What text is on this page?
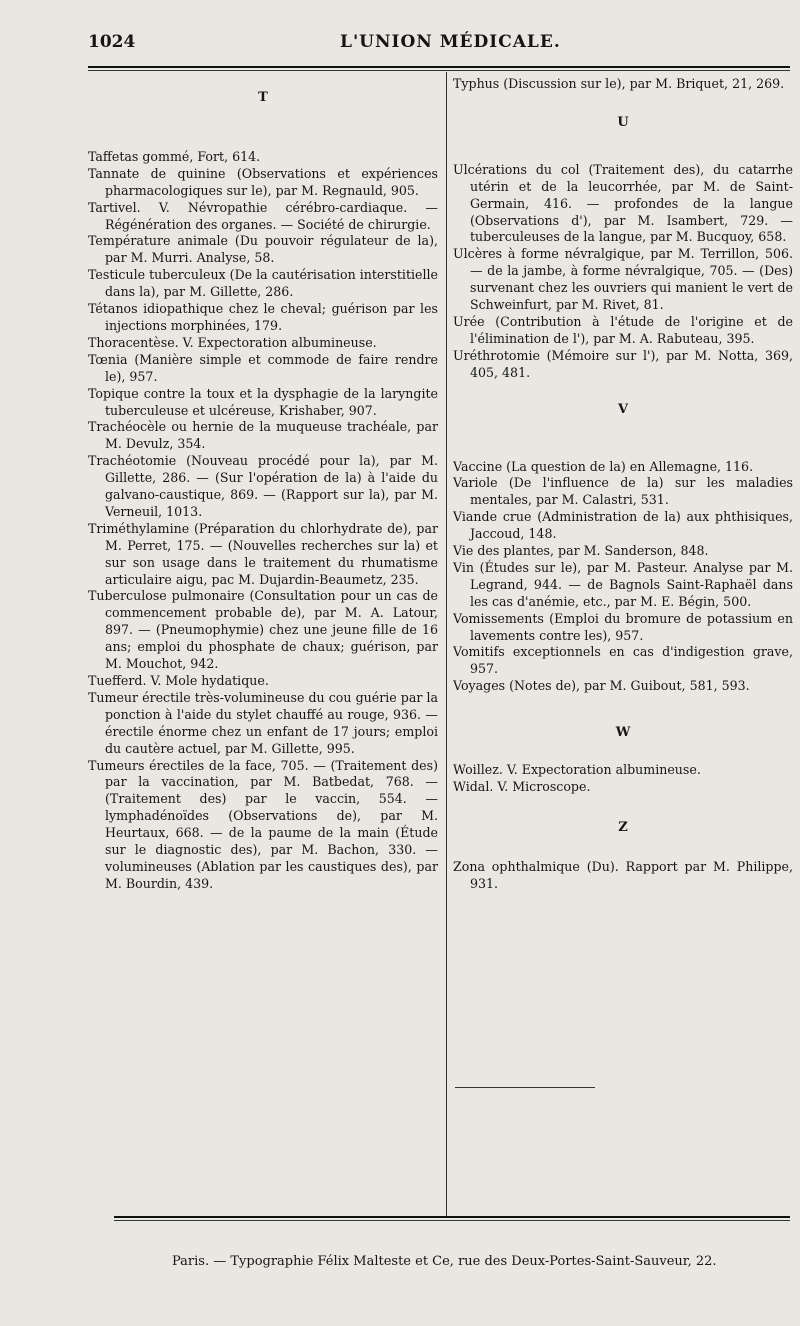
1024	L'UNION MÉDICALE.
T

Taffetas gommé, Fort, 614.

Tannate de quinine (Observations et expériences pharmacologiques sur le), par M. Regnauld, 905.

Tartivel. V. Névropathie cérébro-cardiaque. — Régénération des organes. — Société de chirurgie.

Température animale (Du pouvoir régulateur de la), par M. Murri. Analyse, 58.

Testicule tuberculeux (De la cautérisation interstitielle dans la), par M. Gillette, 286.

Tétanos idiopathique chez le cheval; guérison par les injections morphinées, 179.

Thoracentèse. V. Expectoration albumineuse.

Tœnia (Manière simple et commode de faire rendre le), 957.

Topique contre la toux et la dysphagie de la laryngite tuberculeuse et ulcéreuse, Krishaber, 907.

Trachéocèle ou hernie de la muqueuse trachéale, par M. Devulz, 354.

Trachéotomie (Nouveau procédé pour la), par M. Gillette, 286. — (Sur l'opération de la) à l'aide du galvano-caustique, 869. — (Rapport sur la), par M. Verneuil, 1013.

Triméthylamine (Préparation du chlorhydrate de), par M. Perret, 175. — (Nouvelles recherches sur la) et sur son usage dans le traitement du rhumatisme articulaire aigu, pac M. Dujardin-Beaumetz, 235.

Tuberculose pulmonaire (Consultation pour un cas de commencement probable de), par M. A. Latour, 897. — (Pneumophymie) chez une jeune fille de 16 ans; emploi du phosphate de chaux; guérison, par M. Mouchot, 942.

Tuefferd. V. Mole hydatique.

Tumeur érectile très-volumineuse du cou guérie par la ponction à l'aide du stylet chauffé au rouge, 936. — érectile énorme chez un enfant de 17 jours; emploi du cautère actuel, par M. Gillette, 995.

Tumeurs érectiles de la face, 705. — (Traitement des) par la vaccination, par M. Batbedat, 768. — (Traitement des) par le vaccin, 554. — lymphadénoïdes (Observations de), par M. Heurtaux, 668. — de la paume de la main (Étude sur le diagnostic des), par M. Bachon, 330. — volumineuses (Ablation par les caustiques des), par M. Bourdin, 439.

Typhus (Discussion sur le), par M. Briquet, 21, 269.

U

Ulcérations du col (Traitement des), du catarrhe utérin et de la leucorrhée, par M. de Saint-Germain, 416. — profondes de la langue (Observations d'), par M. Isambert, 729. — tuberculeuses de la langue, par M. Bucquoy, 658.

Ulcères à forme névralgique, par M. Terrillon, 506. — de la jambe, à forme névralgique, 705. — (Des) survenant chez les ouvriers qui manient le vert de Schweinfurt, par M. Rivet, 81.

Urée (Contribution à l'étude de l'origine et de l'élimination de l'), par M. A. Rabuteau, 395.

Uréthrotomie (Mémoire sur l'), par M. Notta, 369, 405, 481.

V

Vaccine (La question de la) en Allemagne, 116.

Variole (De l'influence de la) sur les maladies mentales, par M. Calastri, 531.

Viande crue (Administration de la) aux phthisiques, Jaccoud, 148.

Vie des plantes, par M. Sanderson, 848.

Vin (Études sur le), par M. Pasteur. Analyse par M. Legrand, 944. — de Bagnols Saint-Raphaël dans les cas d'anémie, etc., par M. E. Bégin, 500.

Vomissements (Emploi du bromure de potassium en lavements contre les), 957.

Vomitifs exceptionnels en cas d'indigestion grave, 957.

Voyages (Notes de), par M. Guibout, 581, 593.

W

Woillez. V. Expectoration albumineuse.

Widal. V. Microscope.

Z

Zona ophthalmique (Du). Rapport par M. Philippe, 931.

Paris. — Typographie Félix Malteste et Ce, rue des Deux-Portes-Saint-Sauveur, 22.
